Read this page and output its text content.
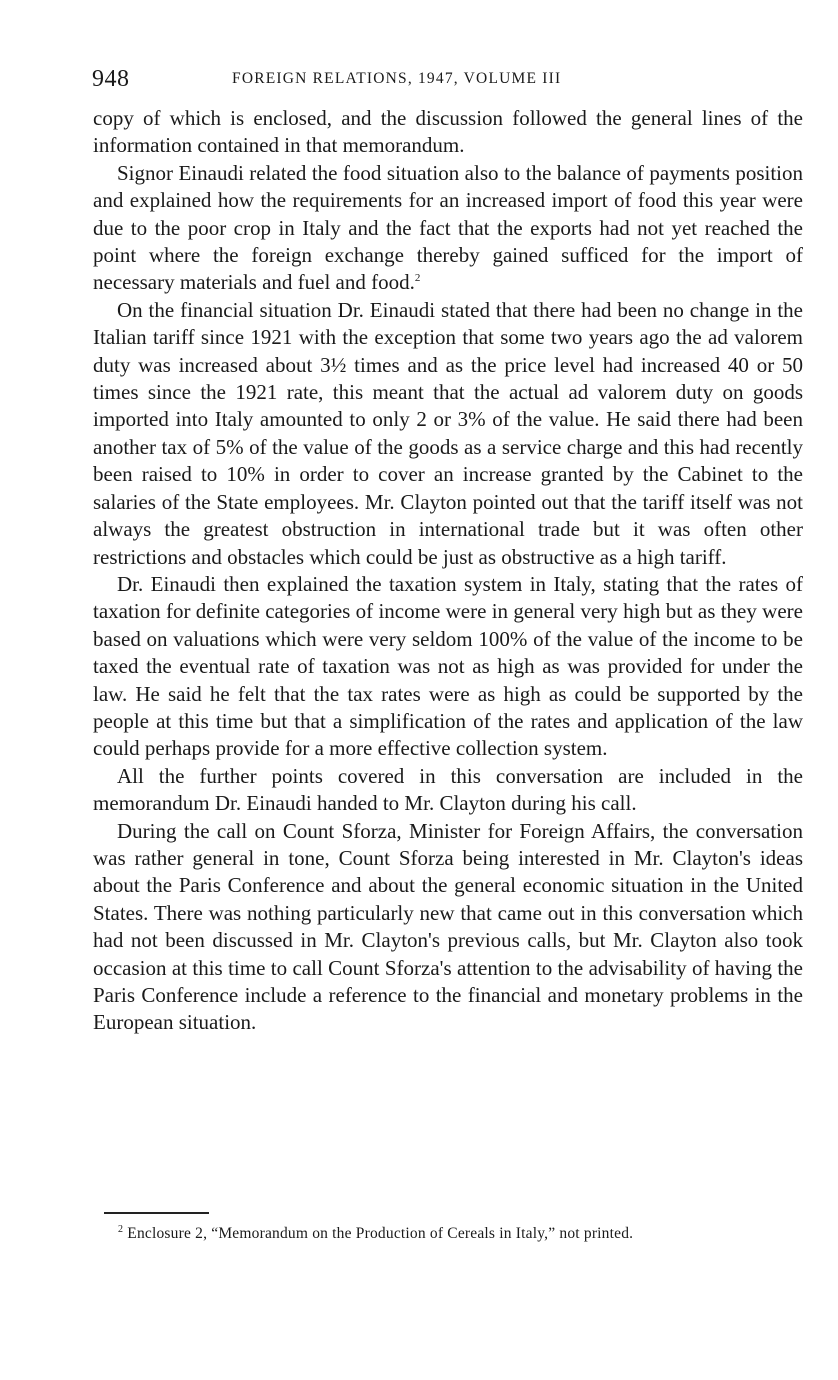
948	FOREIGN RELATIONS, 1947, VOLUME III

copy of which is enclosed, and the discussion followed the general lines of the information contained in that memorandum.

Signor Einaudi related the food situation also to the balance of payments position and explained how the requirements for an increased import of food this year were due to the poor crop in Italy and the fact that the exports had not yet reached the point where the foreign exchange thereby gained sufficed for the import of necessary materials and fuel and food.$^2$

On the financial situation Dr. Einaudi stated that there had been no change in the Italian tariff since 1921 with the exception that some two years ago the ad valorem duty was increased about 3½ times and as the price level had increased 40 or 50 times since the 1921 rate, this meant that the actual ad valorem duty on goods imported into Italy amounted to only 2 or 3% of the value. He said there had been another tax of 5% of the value of the goods as a service charge and this had recently been raised to 10% in order to cover an increase granted by the Cabinet to the salaries of the State employees. Mr. Clayton pointed out that the tariff itself was not always the greatest obstruction in international trade but it was often other restrictions and obstacles which could be just as obstructive as a high tariff.

Dr. Einaudi then explained the taxation system in Italy, stating that the rates of taxation for definite categories of income were in general very high but as they were based on valuations which were very seldom 100% of the value of the income to be taxed the eventual rate of taxation was not as high as was provided for under the law. He said he felt that the tax rates were as high as could be supported by the people at this time but that a simplification of the rates and application of the law could perhaps provide for a more effective collection system.

All the further points covered in this conversation are included in the memorandum Dr. Einaudi handed to Mr. Clayton during his call.

During the call on Count Sforza, Minister for Foreign Affairs, the conversation was rather general in tone, Count Sforza being interested in Mr. Clayton's ideas about the Paris Conference and about the general economic situation in the United States. There was nothing particularly new that came out in this conversation which had not been discussed in Mr. Clayton's previous calls, but Mr. Clayton also took occasion at this time to call Count Sforza's attention to the advisability of having the Paris Conference include a reference to the financial and monetary problems in the European situation.

$^2$ Enclosure 2, “Memorandum on the Production of Cereals in Italy,” not printed.
